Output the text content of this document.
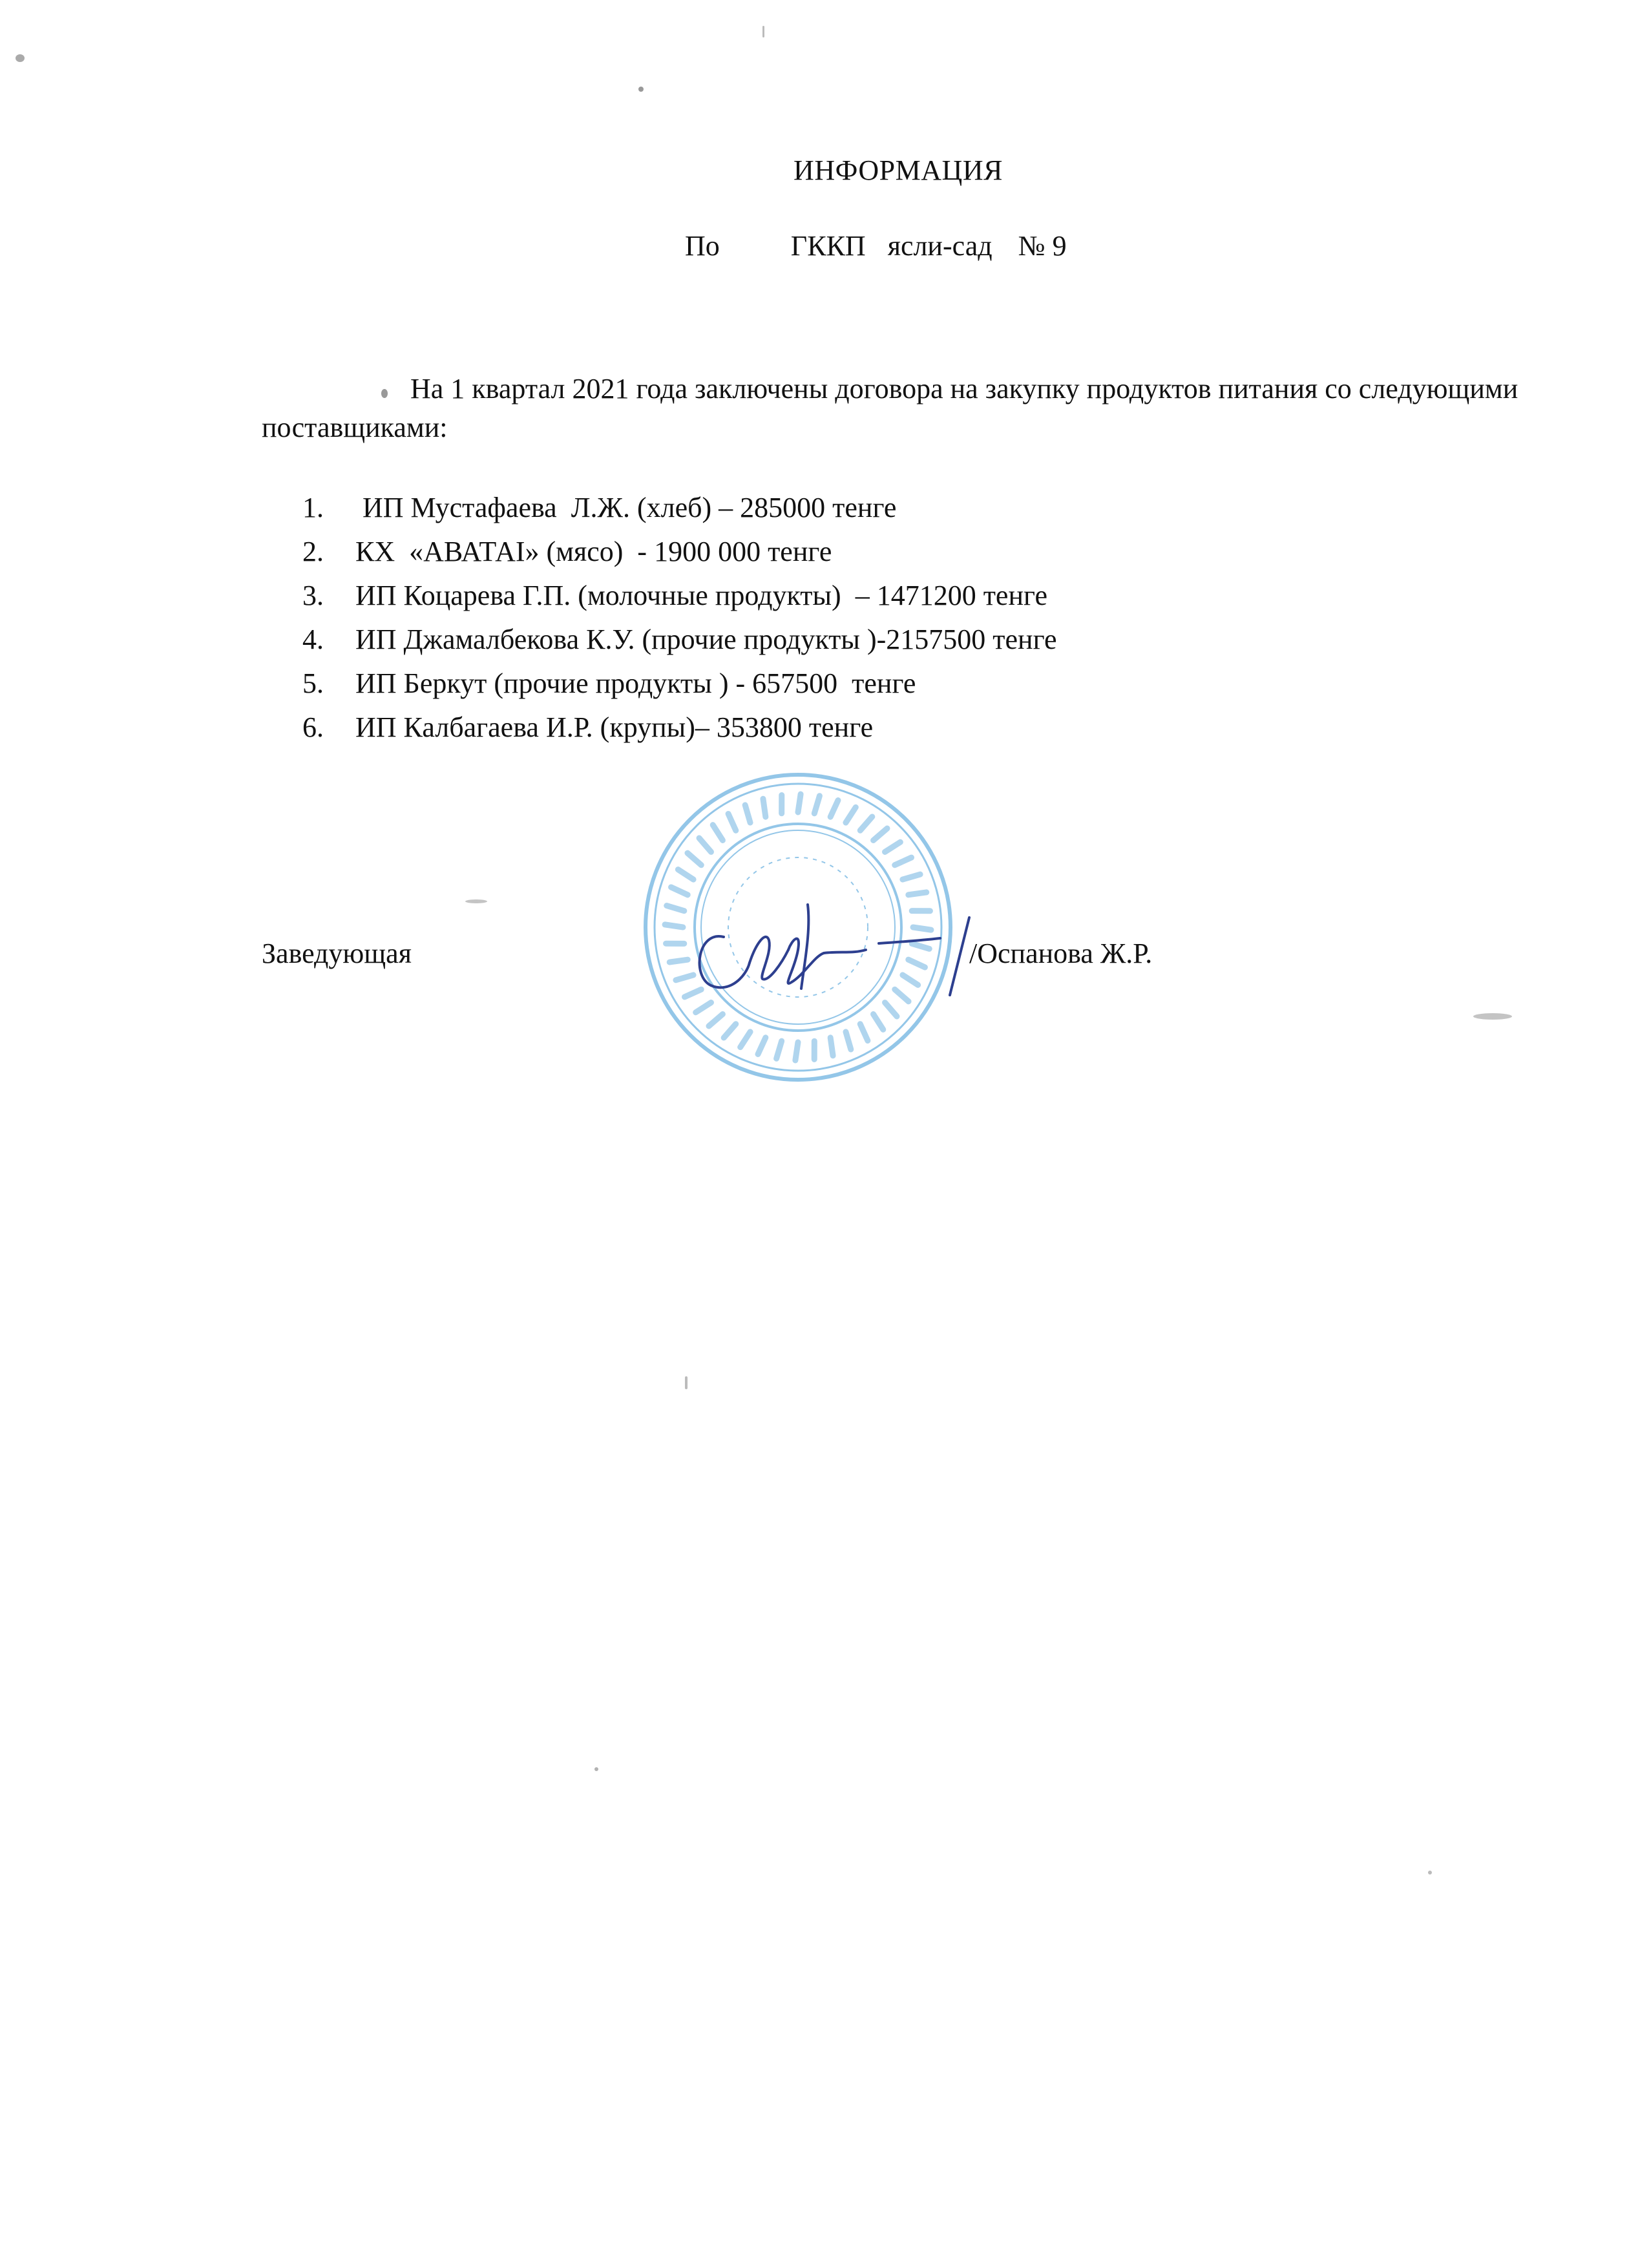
ИНФОРМАЦИЯ
По	ГККП ясли-сад № 9
На 1 квартал 2021 года заключены договора на закупку продуктов питания со следующими поставщиками:
1. ИП Мустафаева  Л.Ж. (хлеб) – 285000 тенге
2. КХ  «АВАТАI» (мясо)  - 1900 000 тенге
3. ИП Коцарева Г.П. (молочные продукты)  – 1471200 тенге
4. ИП Джамалбекова К.У. (прочие продукты )-2157500 тенге
5. ИП Беркут (прочие продукты ) - 657500  тенге
6. ИП Калбагаева И.Р. (крупы)– 353800 тенге
Заведующая	/Оспанова Ж.Р.
